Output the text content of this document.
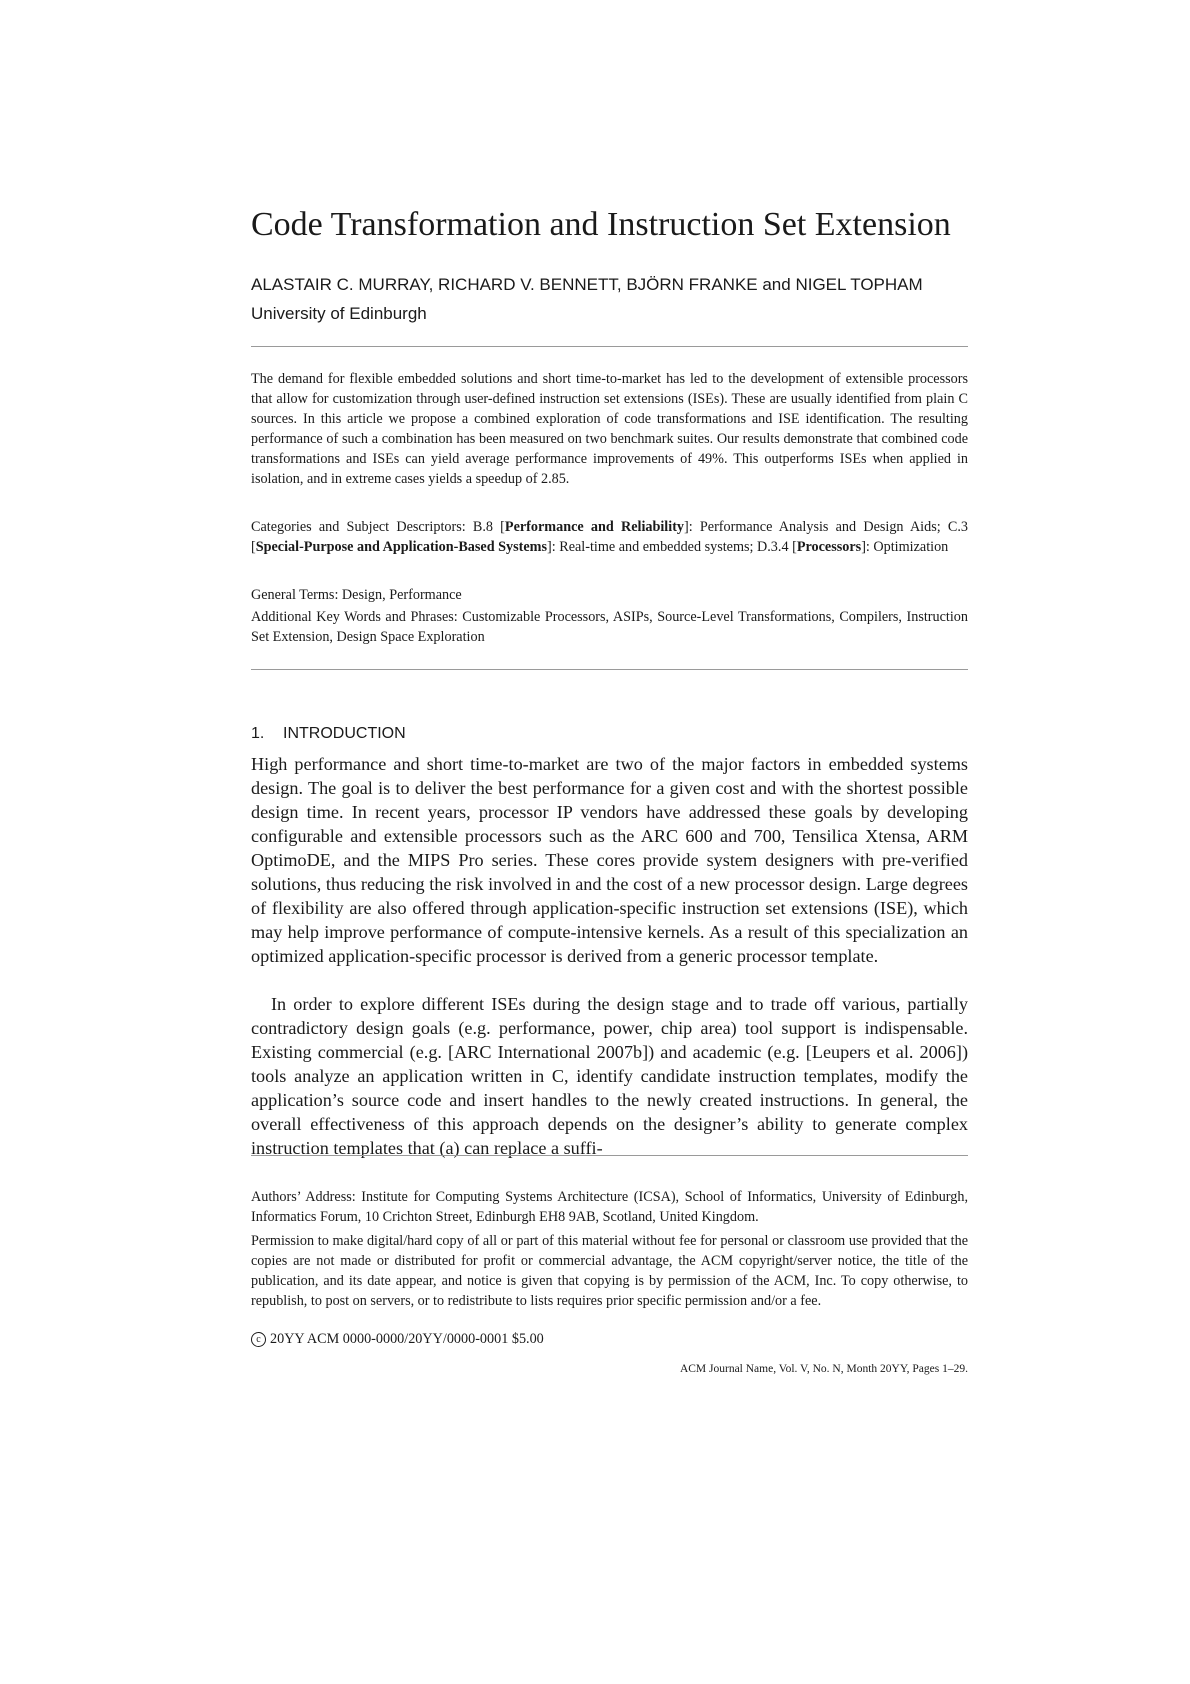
Code Transformation and Instruction Set Extension
ALASTAIR C. MURRAY, RICHARD V. BENNETT, BJÖRN FRANKE and NIGEL TOPHAM
University of Edinburgh

The demand for flexible embedded solutions and short time-to-market has led to the development of extensible processors that allow for customization through user-defined instruction set extensions (ISEs). These are usually identified from plain C sources. In this article we propose a combined exploration of code transformations and ISE identification. The resulting performance of such a combination has been measured on two benchmark suites. Our results demonstrate that combined code transformations and ISEs can yield average performance improvements of 49%. This outperforms ISEs when applied in isolation, and in extreme cases yields a speedup of 2.85.

Categories and Subject Descriptors: B.8 [Performance and Reliability]: Performance Analysis and Design Aids; C.3 [Special-Purpose and Application-Based Systems]: Real-time and embedded systems; D.3.4 [Processors]: Optimization

General Terms: Design, Performance

Additional Key Words and Phrases: Customizable Processors, ASIPs, Source-Level Transformations, Compilers, Instruction Set Extension, Design Space Exploration

1. INTRODUCTION

High performance and short time-to-market are two of the major factors in embedded systems design. The goal is to deliver the best performance for a given cost and with the shortest possible design time. In recent years, processor IP vendors have addressed these goals by developing configurable and extensible processors such as the ARC 600 and 700, Tensilica Xtensa, ARM OptimoDE, and the MIPS Pro series. These cores provide system designers with pre-verified solutions, thus reducing the risk involved in and the cost of a new processor design. Large degrees of flexibility are also offered through application-specific instruction set extensions (ISE), which may help improve performance of compute-intensive kernels. As a result of this specialization an optimized application-specific processor is derived from a generic processor template.

In order to explore different ISEs during the design stage and to trade off various, partially contradictory design goals (e.g. performance, power, chip area) tool support is indispensable. Existing commercial (e.g. [ARC International 2007b]) and academic (e.g. [Leupers et al. 2006]) tools analyze an application written in C, identify candidate instruction templates, modify the application’s source code and insert handles to the newly created instructions. In general, the overall effectiveness of this approach depends on the designer’s ability to generate complex instruction templates that (a) can replace a suffi-

Authors’ Address: Institute for Computing Systems Architecture (ICSA), School of Informatics, University of Edinburgh, Informatics Forum, 10 Crichton Street, Edinburgh EH8 9AB, Scotland, United Kingdom.

Permission to make digital/hard copy of all or part of this material without fee for personal or classroom use provided that the copies are not made or distributed for profit or commercial advantage, the ACM copyright/server notice, the title of the publication, and its date appear, and notice is given that copying is by permission of the ACM, Inc. To copy otherwise, to republish, to post on servers, or to redistribute to lists requires prior specific permission and/or a fee.

c 20YY ACM 0000-0000/20YY/0000-0001 $5.00

ACM Journal Name, Vol. V, No. N, Month 20YY, Pages 1–29.
